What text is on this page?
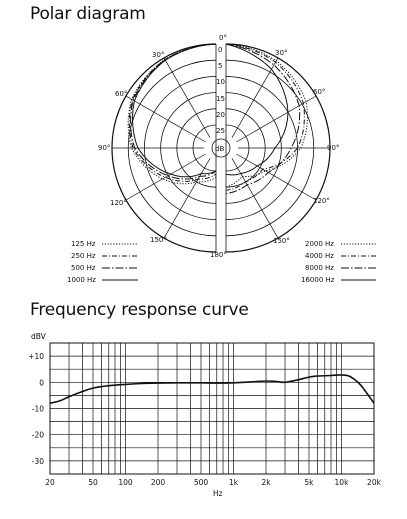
Polar diagram
Frequency response curve
0°
30°	30°
60°	60°
90°	90°
120°	120°
150°	150°
180°
0
5
10
15
20
25
dB
125 Hz
250 Hz
500 Hz
1000 Hz
2000 Hz
4000 Hz
8000 Hz
16000 Hz
dBV
Hz
20	50	100 200	500	1k	2k	5k	10k 20k
+10
0
-10
-20
-30
